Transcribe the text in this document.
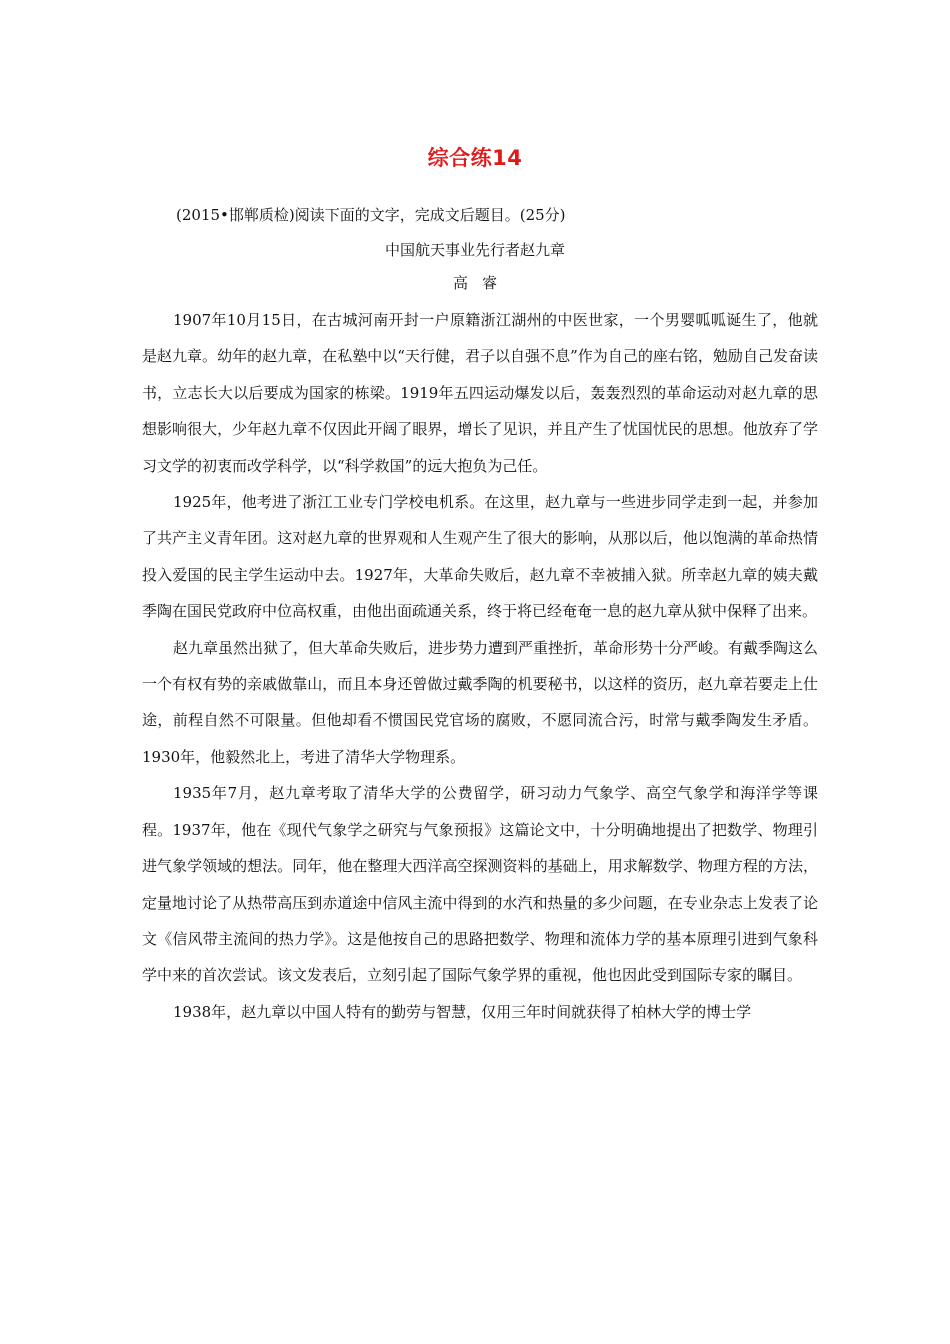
综合练14
(2015•邯郸质检)阅读下面的文字，完成文后题目。(25分)
中国航天事业先行者赵九章
高睿

1907年10月15日，在古城河南开封一户原籍浙江湖州的中医世家，一个男婴呱呱诞生了，他就是赵九章。幼年的赵九章，在私塾中以“天行健，君子以自强不息”作为自己的座右铭，勉励自己发奋读书，立志长大以后要成为国家的栋梁。1919年五四运动爆发以后，轰轰烈烈的革命运动对赵九章的思想影响很大，少年赵九章不仅因此开阔了眼界，增长了见识，并且产生了忧国忧民的思想。他放弃了学习文学的初衷而改学科学，以“科学救国”的远大抱负为己任。

1925年，他考进了浙江工业专门学校电机系。在这里，赵九章与一些进步同学走到一起，并参加了共产主义青年团。这对赵九章的世界观和人生观产生了很大的影响，从那以后，他以饱满的革命热情投入爱国的民主学生运动中去。1927年，大革命失败后，赵九章不幸被捕入狱。所幸赵九章的姨夫戴季陶在国民党政府中位高权重，由他出面疏通关系，终于将已经奄奄一息的赵九章从狱中保释了出来。

赵九章虽然出狱了，但大革命失败后，进步势力遭到严重挫折，革命形势十分严峻。有戴季陶这么一个有权有势的亲戚做靠山，而且本身还曾做过戴季陶的机要秘书，以这样的资历，赵九章若要走上仕途，前程自然不可限量。但他却看不惯国民党官场的腐败，不愿同流合污，时常与戴季陶发生矛盾。1930年，他毅然北上，考进了清华大学物理系。

1935年7月，赵九章考取了清华大学的公费留学，研习动力气象学、高空气象学和海洋学等课程。1937年，他在《现代气象学之研究与气象预报》这篇论文中，十分明确地提出了把数学、物理引进气象学领域的想法。同年，他在整理大西洋高空探测资料的基础上，用求解数学、物理方程的方法，定量地讨论了从热带高压到赤道途中信风主流中得到的水汽和热量的多少问题，在专业杂志上发表了论文《信风带主流间的热力学》。这是他按自己的思路把数学、物理和流体力学的基本原理引进到气象科学中来的首次尝试。该文发表后，立刻引起了国际气象学界的重视，他也因此受到国际专家的瞩目。

1938年，赵九章以中国人特有的勤劳与智慧，仅用三年时间就获得了柏林大学的博士学
